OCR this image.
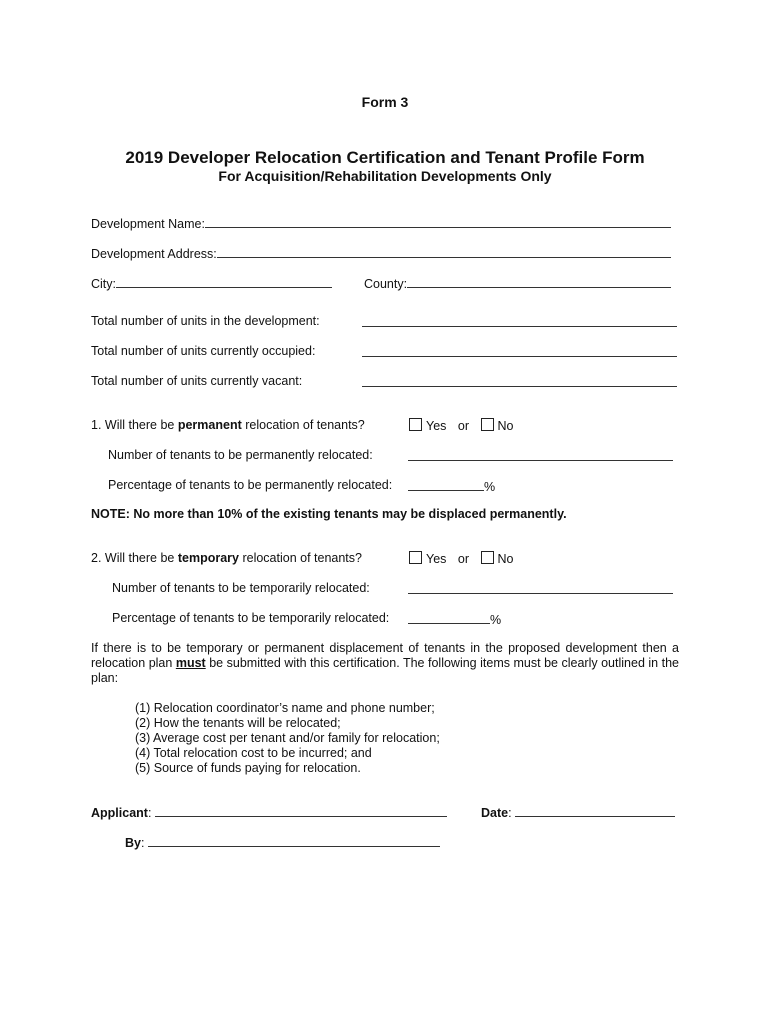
Form 3
2019 Developer Relocation Certification and Tenant Profile Form
For Acquisition/Rehabilitation Developments Only
Development Name:
Development Address:
City:	County:
Total number of units in the development:
Total number of units currently occupied:
Total number of units currently vacant:
1. Will there be permanent relocation of tenants?	Yes or No
Number of tenants to be permanently relocated:
Percentage of tenants to be permanently relocated:	%
NOTE: No more than 10% of the existing tenants may be displaced permanently.
2. Will there be temporary relocation of tenants?	Yes or No
Number of tenants to be temporarily relocated:
Percentage of tenants to be temporarily relocated:	%
If there is to be temporary or permanent displacement of tenants in the proposed development then a relocation plan must be submitted with this certification. The following items must be clearly outlined in the plan:
(1) Relocation coordinator’s name and phone number;
(2) How the tenants will be relocated;
(3) Average cost per tenant and/or family for relocation;
(4) Total relocation cost to be incurred; and
(5) Source of funds paying for relocation.
Applicant:	Date:
By:
